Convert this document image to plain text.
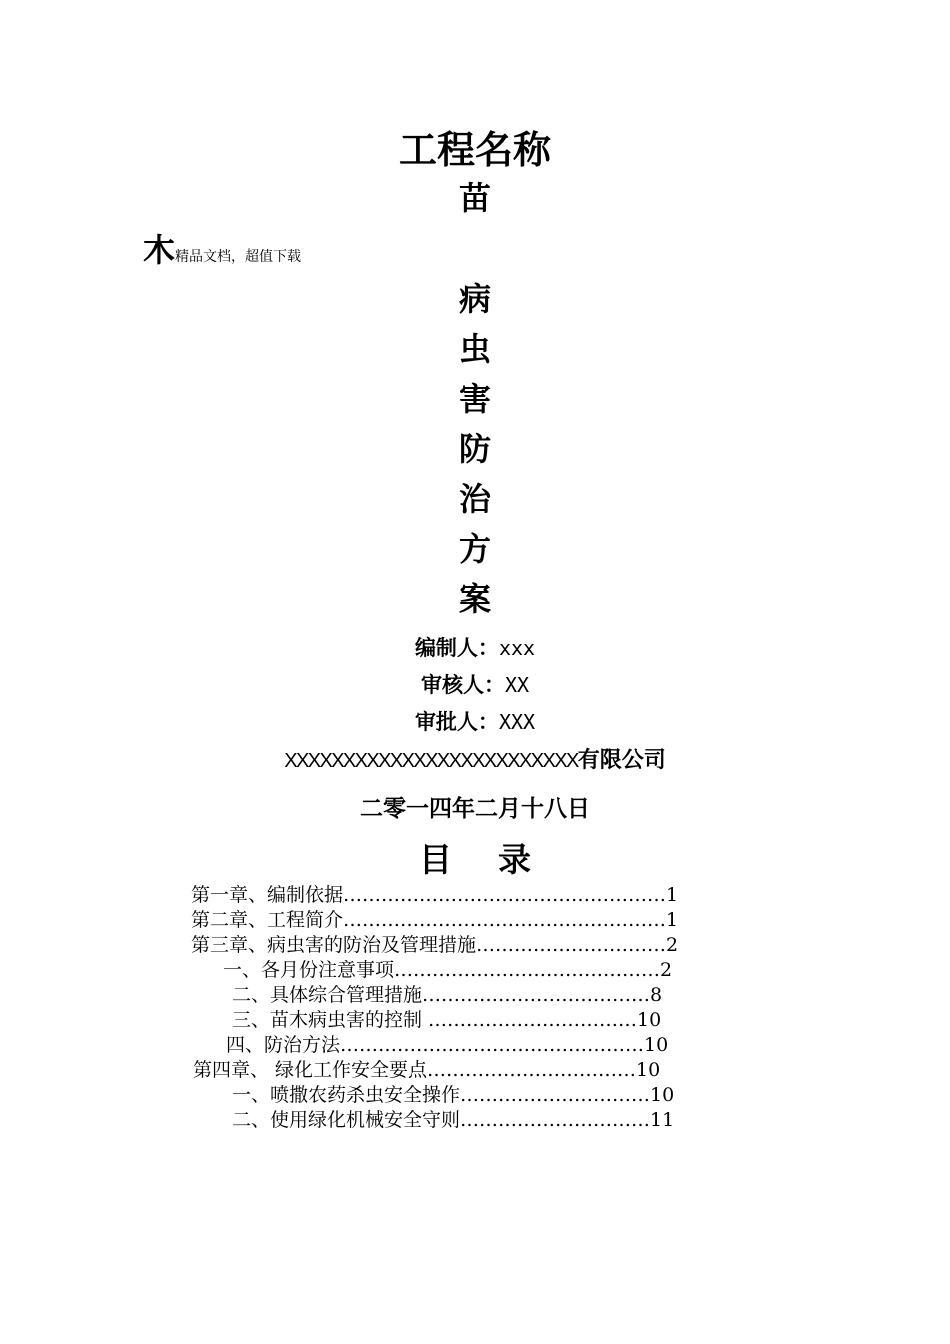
工程名称
苗
木精品文档，超值下载
病
虫
害
防
治
方
案
编制人：xxx
审核人：XX
审批人：XXX
XXXXXXXXXXXXXXXXXXXXXXXXX有限公司
二零一四年二月十八日
目 录
第一章、编制依据……………………………………………1
第二章、工程简介……………………………………………1
第三章、病虫害的防治及管理措施…………………………2
一、各月份注意事项……………………………………2
二、具体综合管理措施………………………………8
三、苗木病虫害的控制 ……………………………10
四、防治方法…………………………………………10
第四章、 绿化工作安全要点……………………………10
一、喷撒农药杀虫安全操作…………………………10
二、使用绿化机械安全守则…………………………11
